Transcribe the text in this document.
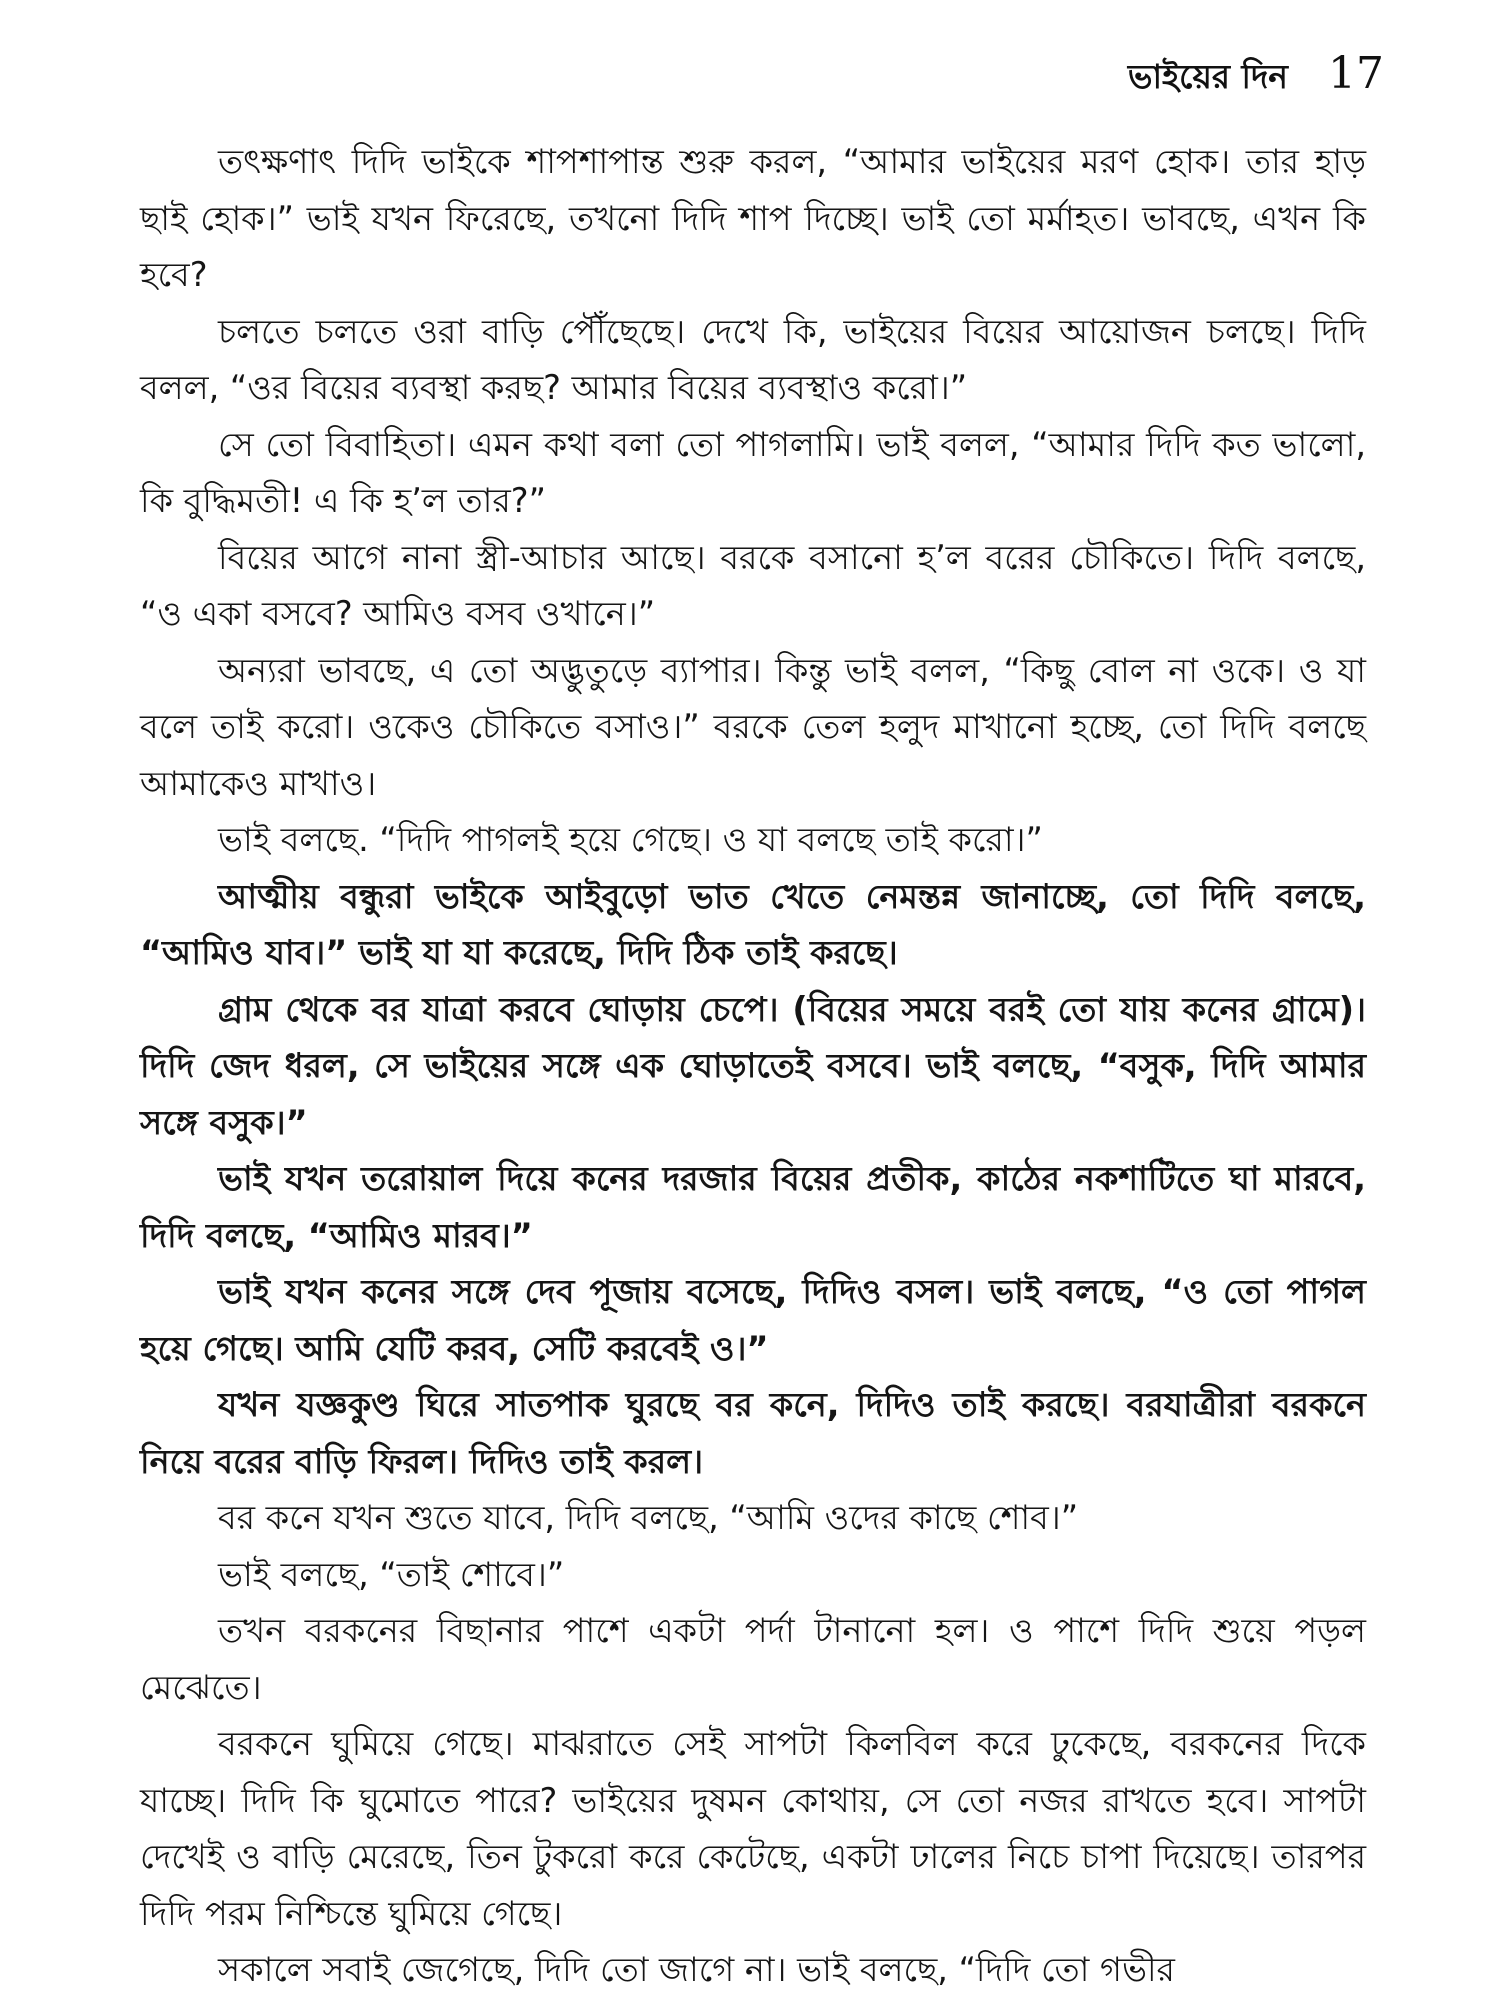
ভাইয়ের দিন 17

তৎক্ষণাৎ দিদি ভাইকে শাপশাপান্ত শুরু করল, “আমার ভাইয়ের মরণ হোক। তার হাড় ছাই হোক।” ভাই যখন ফিরেছে, তখনো দিদি শাপ দিচ্ছে। ভাই তো মর্মাহত। ভাবছে, এখন কি হবে?

চলতে চলতে ওরা বাড়ি পৌঁছেছে। দেখে কি, ভাইয়ের বিয়ের আয়োজন চলছে। দিদি বলল, “ওর বিয়ের ব্যবস্থা করছ? আমার বিয়ের ব্যবস্থাও করো।”

সে তো বিবাহিতা। এমন কথা বলা তো পাগলামি। ভাই বলল, “আমার দিদি কত ভালো, কি বুদ্ধিমতী! এ কি হ’ল তার?”

বিয়ের আগে নানা স্ত্রী-আচার আছে। বরকে বসানো হ’ল বরের চৌকিতে। দিদি বলছে, “ও একা বসবে? আমিও বসব ওখানে।”

অন্যরা ভাবছে, এ তো অদ্ভুতুড়ে ব্যাপার। কিন্তু ভাই বলল, “কিছু বোল না ওকে। ও যা বলে তাই করো। ওকেও চৌকিতে বসাও।” বরকে তেল হলুদ মাখানো হচ্ছে, তো দিদি বলছে আমাকেও মাখাও।

ভাই বলছে. “দিদি পাগলই হয়ে গেছে। ও যা বলছে তাই করো।”

আত্মীয় বন্ধুরা ভাইকে আইবুড়ো ভাত খেতে নেমন্তন্ন জানাচ্ছে, তো দিদি বলছে, “আমিও যাব।” ভাই যা যা করেছে, দিদি ঠিক তাই করছে।

গ্রাম থেকে বর যাত্রা করবে ঘোড়ায় চেপে। (বিয়ের সময়ে বরই তো যায় কনের গ্রামে)। দিদি জেদ ধরল, সে ভাইয়ের সঙ্গে এক ঘোড়াতেই বসবে। ভাই বলছে, “বসুক, দিদি আমার সঙ্গে বসুক।”

ভাই যখন তরোয়াল দিয়ে কনের দরজার বিয়ের প্রতীক, কাঠের নকশাটিতে ঘা মারবে, দিদি বলছে, “আমিও মারব।”

ভাই যখন কনের সঙ্গে দেব পূজায় বসেছে, দিদিও বসল। ভাই বলছে, “ও তো পাগল হয়ে গেছে। আমি যেটি করব, সেটি করবেই ও।”

যখন যজ্ঞকুণ্ড ঘিরে সাতপাক ঘুরছে বর কনে, দিদিও তাই করছে। বরযাত্রীরা বরকনে নিয়ে বরের বাড়ি ফিরল। দিদিও তাই করল।

বর কনে যখন শুতে যাবে, দিদি বলছে, “আমি ওদের কাছে শোব।”

ভাই বলছে, “তাই শোবে।”

তখন বরকনের বিছানার পাশে একটা পর্দা টানানো হল। ও পাশে দিদি শুয়ে পড়ল মেঝেতে।

বরকনে ঘুমিয়ে গেছে। মাঝরাতে সেই সাপটা কিলবিল করে ঢুকেছে, বরকনের দিকে যাচ্ছে। দিদি কি ঘুমোতে পারে? ভাইয়ের দুষমন কোথায়, সে তো নজর রাখতে হবে। সাপটা দেখেই ও বাড়ি মেরেছে, তিন টুকরো করে কেটেছে, একটা ঢালের নিচে চাপা দিয়েছে। তারপর দিদি পরম নিশ্চিন্তে ঘুমিয়ে গেছে।

সকালে সবাই জেগেছে, দিদি তো জাগে না। ভাই বলছে, “দিদি তো গভীর
